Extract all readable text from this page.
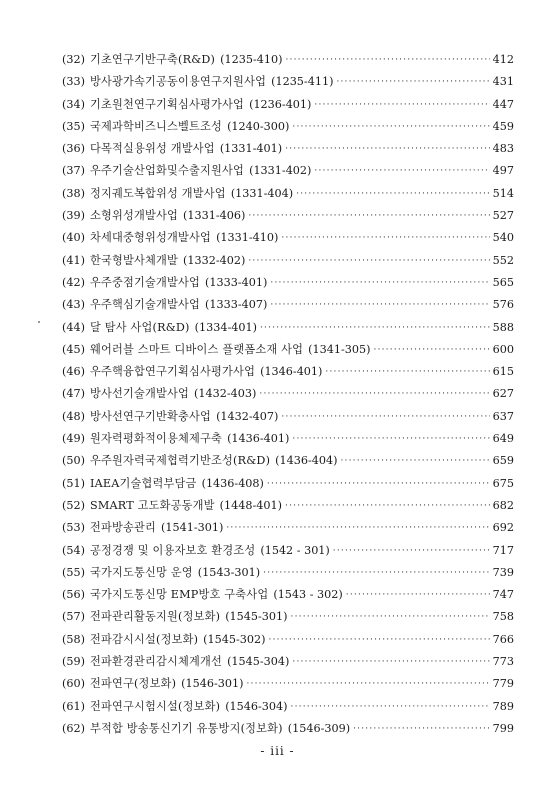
(32) 기초연구기반구축(R&D) (1235-410) ·····	412
(33) 방사광가속기공동이용연구지원사업 (1235-411) ·····	431
(34) 기초원천연구기획심사평가사업 (1236-401) ·····	447
(35) 국제과학비즈니스벨트조성 (1240-300) ·····	459
(36) 다목적실용위성 개발사업 (1331-401) ·····	483
(37) 우주기술산업화및수출지원사업 (1331-402) ·····	497
(38) 정지궤도복합위성 개발사업 (1331-404) ·····	514
(39) 소형위성개발사업 (1331-406) ·····	527
(40) 차세대중형위성개발사업 (1331-410) ·····	540
(41) 한국형발사체개발 (1332-402) ·····	552
(42) 우주중점기술개발사업 (1333-401) ·····	565
(43) 우주핵심기술개발사업 (1333-407) ·····	576
(44) 달 탐사 사업(R&D) (1334-401) ·····	588
(45) 웨어러블 스마트 디바이스 플랫폼소재 사업 (1341-305) ·····	600
(46) 우주핵융합연구기획심사평가사업 (1346-401) ·····	615
(47) 방사선기술개발사업 (1432-403) ·····	627
(48) 방사선연구기반확충사업 (1432-407) ·····	637
(49) 원자력평화적이용체제구축 (1436-401) ·····	649
(50) 우주원자력국제협력기반조성(R&D) (1436-404) ·····	659
(51) IAEA기술협력부담금 (1436-408) ·····	675
(52) SMART 고도화공동개발 (1448-401) ·····	682
(53) 전파방송관리 (1541-301) ·····	692
(54) 공정경쟁 및 이용자보호 환경조성 (1542 - 301) ·····	717
(55) 국가지도통신망 운영 (1543-301) ·····	739
(56) 국가지도통신망 EMP방호 구축사업 (1543 - 302) ·····	747
(57) 전파관리활동지원(정보화) (1545-301) ·····	758
(58) 전파감시시설(정보화) (1545-302) ·····	766
(59) 전파환경관리감시체계개선 (1545-304) ·····	773
(60) 전파연구(정보화) (1546-301) ·····	779
(61) 전파연구시험시설(정보화) (1546-304) ·····	789
(62) 부적합 방송통신기기 유통방지(정보화) (1546-309) ·····	799
- iii -
